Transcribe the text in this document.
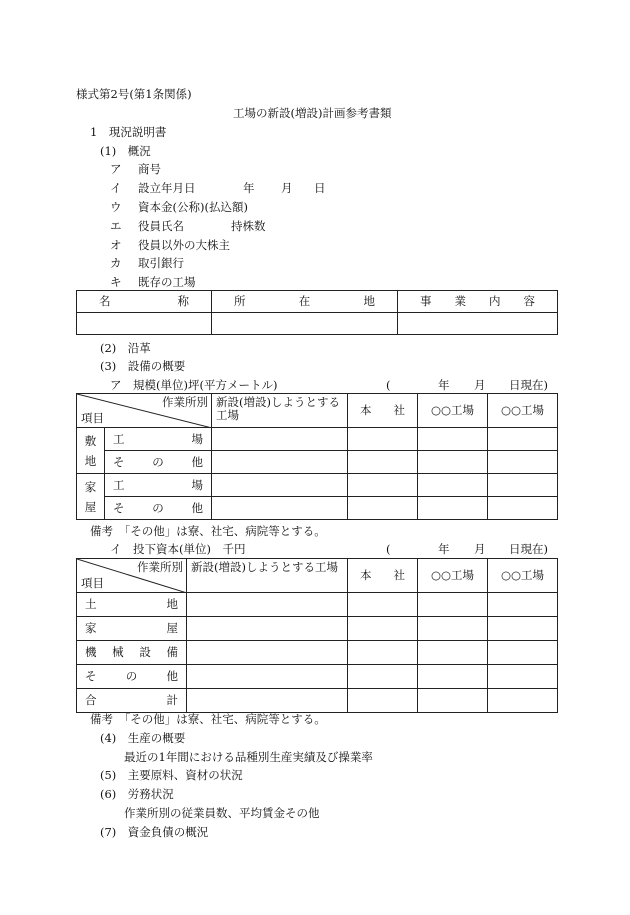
様式第2号(第1条関係)
工場の新設(増設)計画参考書類
1　現況説明書
(1)　概況
ア 商号
イ 設立年月日	年 月 日
ウ 資本金(公称)(払込額)
エ 役員氏名	持株数
オ 役員以外の大株主
カ 取引銀行
キ 既存の工場
名 称	所 在 地	事 業 内 容

(2)　沿革
(3)　設備の概要
ア　規模(単位)坪(平方メートル)	(	年 月 日現在)
作業所別
項目		新設(増設)しようとする工場	本 社	○○工場	○○工場
敷
地	工 場				

	そ の 他				

家
屋	工 場				

	そ の 他				

備考　「その他」は寮、社宅、病院等とする。
イ　投下資本(単位)　千円	(	年 月 日現在)
作業所別
項目	新設(増設)しようとする工場	本 社	○○工場	○○工場

土 地				

家 屋				

機 械 設 備				

そ の 他				

合 計				

備考　「その他」は寮、社宅、病院等とする。
(4)　生産の概要
最近の1年間における品種別生産実績及び操業率
(5)　主要原料、資材の状況
(6)　労務状況
作業所別の従業員数、平均賃金その他
(7)　資金負債の概況
